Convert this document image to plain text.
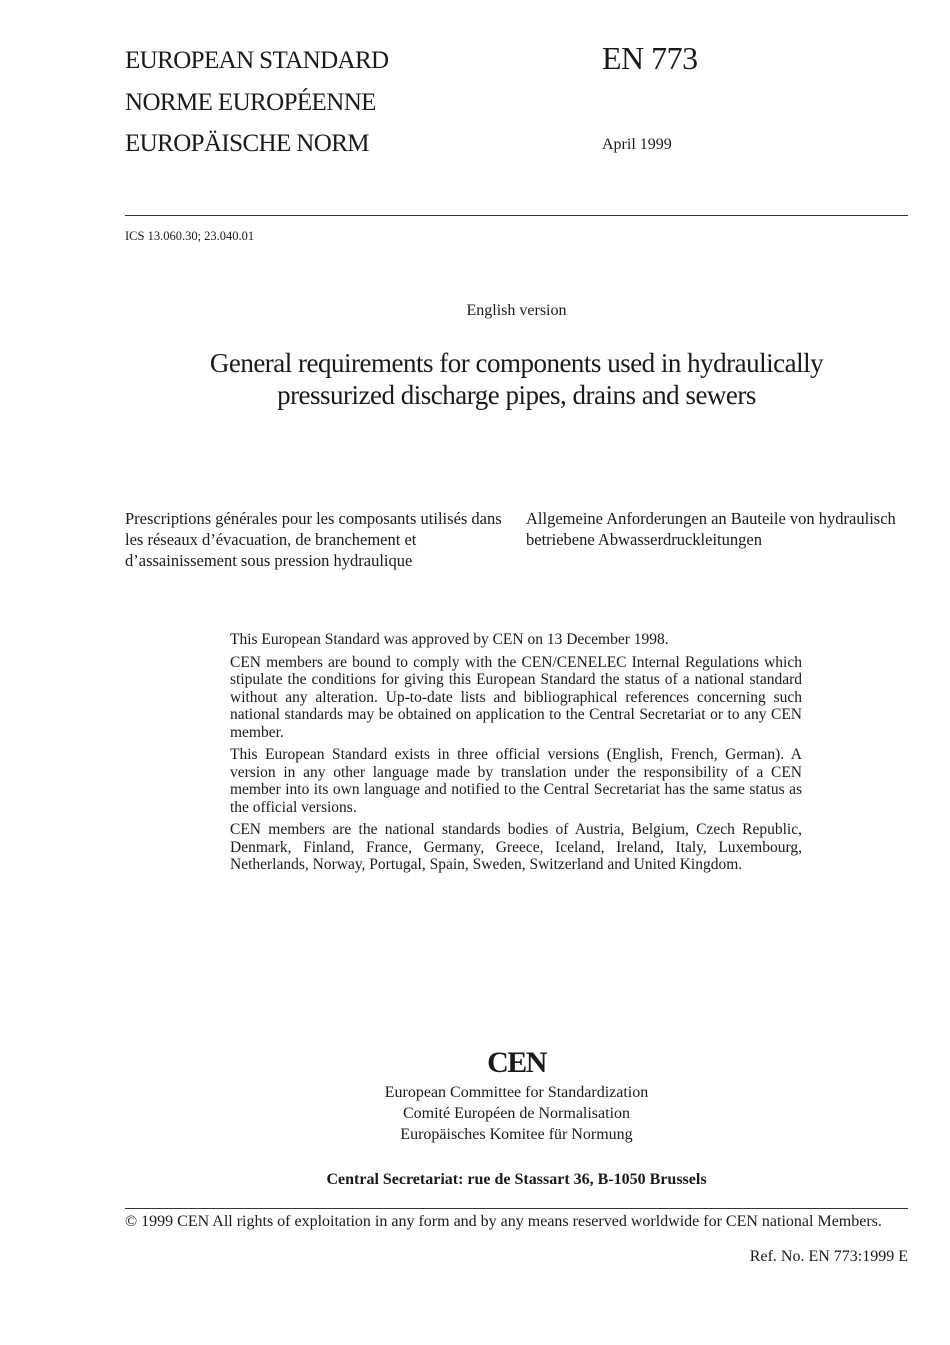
EUROPEAN STANDARD
NORME EUROPÉENNE
EUROPÄISCHE NORM
EN 773
April 1999
ICS 13.060.30; 23.040.01
English version
General requirements for components used in hydraulically
pressurized discharge pipes, drains and sewers
Prescriptions générales pour les composants utilisés dans les réseaux d’évacuation, de branchement et d’assainissement sous pression hydraulique
Allgemeine Anforderungen an Bauteile von hydraulisch betriebene Abwasserdruckleitungen

This European Standard was approved by CEN on 13 December 1998.

CEN members are bound to comply with the CEN/CENELEC Internal Regulations which stipulate the conditions for giving this European Standard the status of a national standard without any alteration. Up-to-date lists and bibliographical references concerning such national standards may be obtained on application to the Central Secretariat or to any CEN member.

This European Standard exists in three official versions (English, French, German). A version in any other language made by translation under the responsibility of a CEN member into its own language and notified to the Central Secretariat has the same status as the official versions.

CEN members are the national standards bodies of Austria, Belgium, Czech Republic, Denmark, Finland, France, Germany, Greece, Iceland, Ireland, Italy, Luxembourg, Netherlands, Norway, Portugal, Spain, Sweden, Switzerland and United Kingdom.

CEN
European Committee for Standardization
Comité Européen de Normalisation
Europäisches Komitee für Normung
Central Secretariat: rue de Stassart 36, B-1050 Brussels
© 1999 CEN All rights of exploitation in any form and by any means reserved worldwide for CEN national Members.
Ref. No. EN 773:1999 E
